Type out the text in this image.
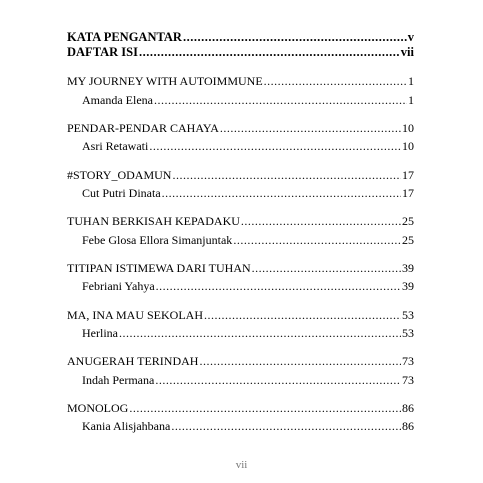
KATA PENGANTAR .....	v
DAFTAR ISI .....	vii
MY JOURNEY WITH AUTOIMMUNE .....	1
Amanda Elena .....	1
PENDAR-PENDAR CAHAYA .....	10
Asri Retawati .....	10
#STORY_ODAMUN .....	17
Cut Putri Dinata .....	17
TUHAN BERKISAH KEPADAKU .....	25
Febe Glosa Ellora Simanjuntak .....	25
TITIPAN ISTIMEWA DARI TUHAN .....	39
Febriani Yahya .....	39
MA, INA MAU SEKOLAH .....	53
Herlina .....	53
ANUGERAH TERINDAH .....	73
Indah Permana .....	73
MONOLOG .....	86
Kania Alisjahbana .....	86
vii
